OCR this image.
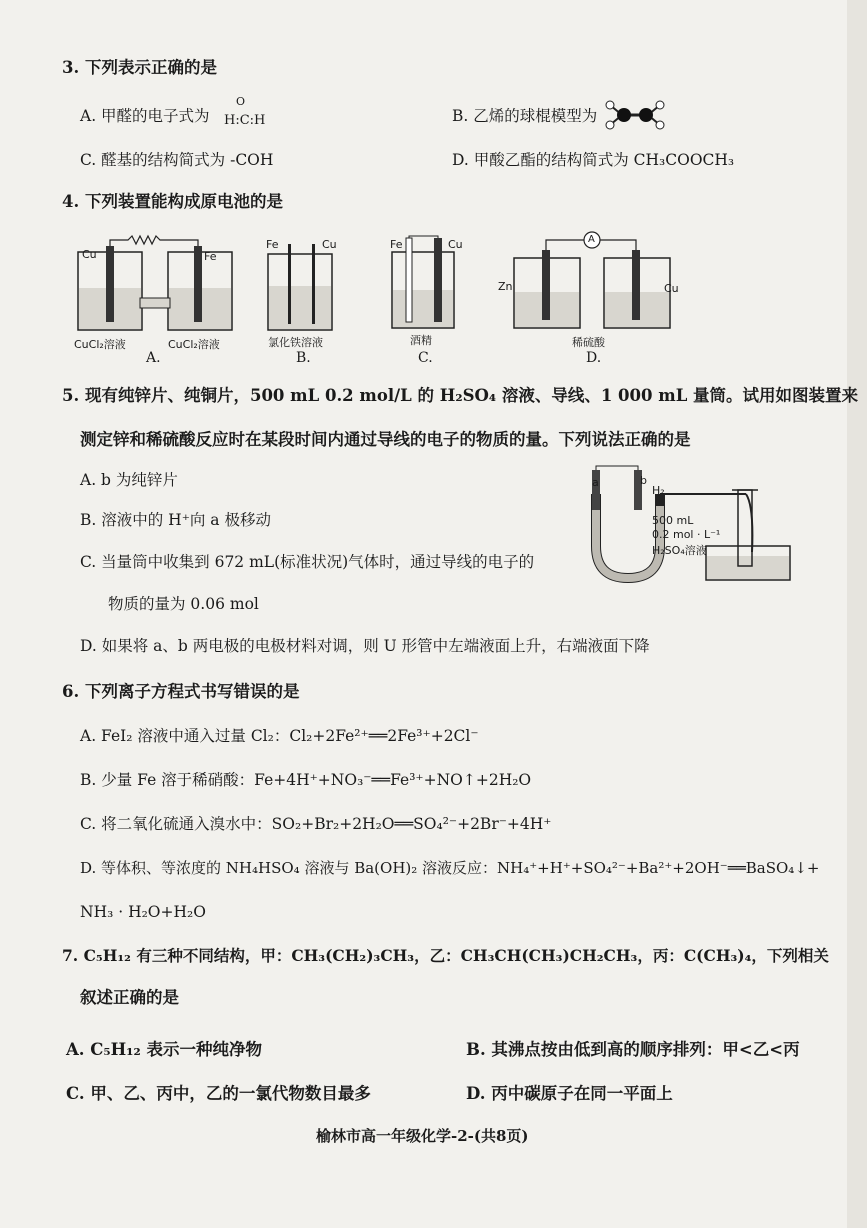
3. 下列表示正确的是
A. 甲醛的电子式为
O
H:C:H	B. 乙烯的球棍模型为
C. 醛基的结构简式为 -COH	D. 甲酸乙酯的结构简式为 CH₃COOCH₃
4. 下列装置能构成原电池的是
Cu	Fe
CuCl₂溶液	CuCl₂溶液
A.
Fe	Cu
氯化铁溶液
B.
Fe	Cu
酒精
C.
A
Zn	Cu
稀硫酸
D.
5. 现有纯锌片、纯铜片，500 mL 0.2 mol/L 的 H₂SO₄ 溶液、导线、1 000 mL 量筒。试用如图装置来
测定锌和稀硫酸反应时在某段时间内通过导线的电子的物质的量。下列说法正确的是
A. b 为纯锌片
B. 溶液中的 H⁺向 a 极移动
C. 当量筒中收集到 672 mL(标准状况)气体时，通过导线的电子的
物质的量为 0.06 mol
D. 如果将 a、b 两电极的电极材料对调，则 U 形管中左端液面上升，右端液面下降
a	b
H₂
500 mL
0.2 mol · L⁻¹
H₂SO₄溶液
6. 下列离子方程式书写错误的是
A. FeI₂ 溶液中通入过量 Cl₂：Cl₂+2Fe²⁺══2Fe³⁺+2Cl⁻
B. 少量 Fe 溶于稀硝酸：Fe+4H⁺+NO₃⁻══Fe³⁺+NO↑+2H₂O
C. 将二氧化硫通入溴水中：SO₂+Br₂+2H₂O══SO₄²⁻+2Br⁻+4H⁺
D. 等体积、等浓度的 NH₄HSO₄ 溶液与 Ba(OH)₂ 溶液反应：NH₄⁺+H⁺+SO₄²⁻+Ba²⁺+2OH⁻══BaSO₄↓+
NH₃ · H₂O+H₂O
7. C₅H₁₂ 有三种不同结构，甲：CH₃(CH₂)₃CH₃，乙：CH₃CH(CH₃)CH₂CH₃，丙：C(CH₃)₄，下列相关
叙述正确的是
A. C₅H₁₂ 表示一种纯净物	B. 其沸点按由低到高的顺序排列：甲<乙<丙
C. 甲、乙、丙中，乙的一氯代物数目最多	D. 丙中碳原子在同一平面上
榆林市高一年级化学-2-(共8页)
